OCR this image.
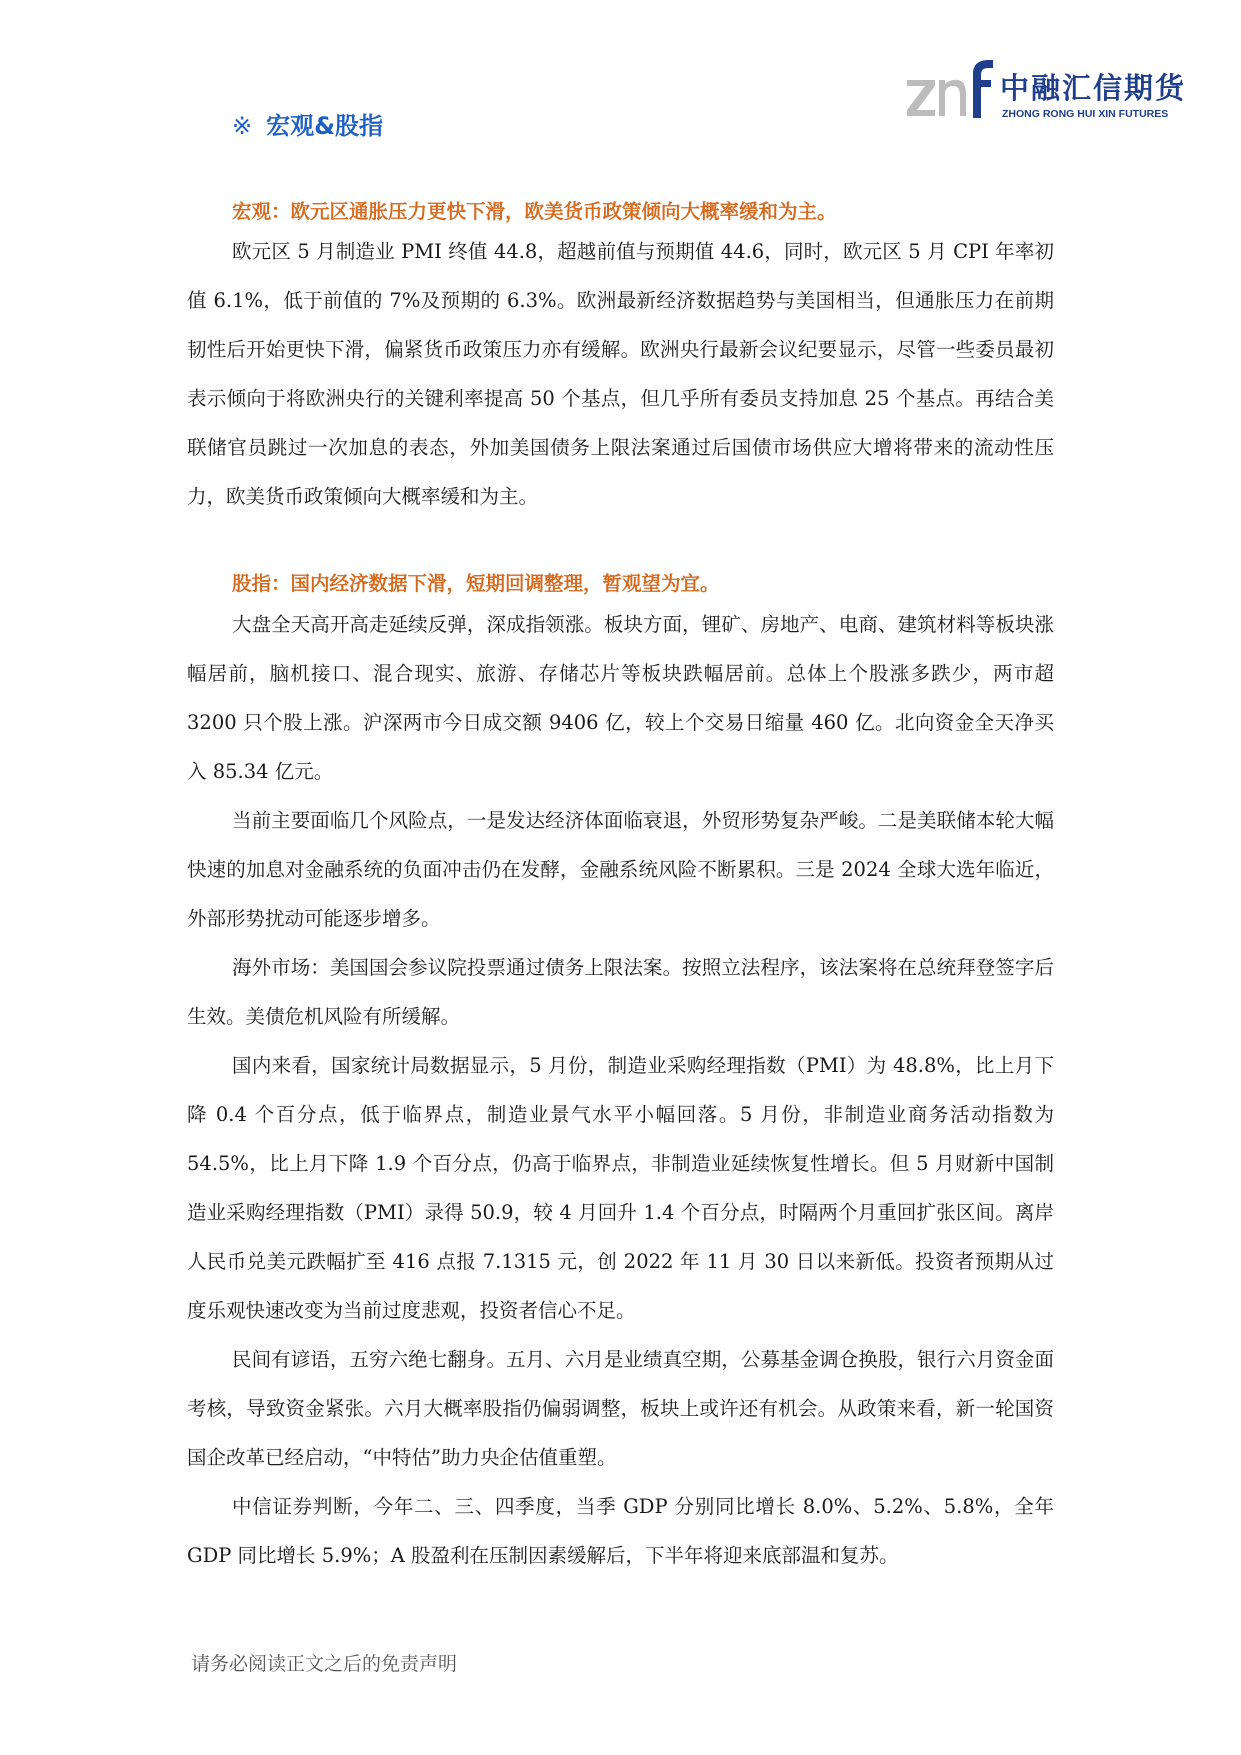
中融汇信期货
ZHONG RONG HUI XIN FUTURES
※ 宏观&股指
宏观：欧元区通胀压力更快下滑，欧美货币政策倾向大概率缓和为主。

欧元区 5 月制造业 PMI 终值 44.8，超越前值与预期值 44.6，同时，欧元区 5 月 CPI 年率初值 6.1%，低于前值的 7%及预期的 6.3%。欧洲最新经济数据趋势与美国相当，但通胀压力在前期韧性后开始更快下滑，偏紧货币政策压力亦有缓解。欧洲央行最新会议纪要显示，尽管一些委员最初表示倾向于将欧洲央行的关键利率提高 50 个基点，但几乎所有委员支持加息 25 个基点。再结合美联储官员跳过一次加息的表态，外加美国债务上限法案通过后国债市场供应大增将带来的流动性压力，欧美货币政策倾向大概率缓和为主。

股指：国内经济数据下滑，短期回调整理，暂观望为宜。

大盘全天高开高走延续反弹，深成指领涨。板块方面，锂矿、房地产、电商、建筑材料等板块涨幅居前，脑机接口、混合现实、旅游、存储芯片等板块跌幅居前。总体上个股涨多跌少，两市超 3200 只个股上涨。沪深两市今日成交额 9406 亿，较上个交易日缩量 460 亿。北向资金全天净买入 85.34 亿元。

当前主要面临几个风险点，一是发达经济体面临衰退，外贸形势复杂严峻。二是美联储本轮大幅快速的加息对金融系统的负面冲击仍在发酵，金融系统风险不断累积。三是 2024 全球大选年临近，外部形势扰动可能逐步增多。

海外市场：美国国会参议院投票通过债务上限法案。按照立法程序，该法案将在总统拜登签字后生效。美债危机风险有所缓解。

国内来看，国家统计局数据显示，5 月份，制造业采购经理指数（PMI）为 48.8%，比上月下降 0.4 个百分点，低于临界点，制造业景气水平小幅回落。5 月份，非制造业商务活动指数为 54.5%，比上月下降 1.9 个百分点，仍高于临界点，非制造业延续恢复性增长。但 5 月财新中国制造业采购经理指数（PMI）录得 50.9，较 4 月回升 1.4 个百分点，时隔两个月重回扩张区间。离岸人民币兑美元跌幅扩至 416 点报 7.1315 元，创 2022 年 11 月 30 日以来新低。投资者预期从过度乐观快速改变为当前过度悲观，投资者信心不足。

民间有谚语，五穷六绝七翻身。五月、六月是业绩真空期，公募基金调仓换股，银行六月资金面考核，导致资金紧张。六月大概率股指仍偏弱调整，板块上或许还有机会。从政策来看，新一轮国资国企改革已经启动，“中特估”助力央企估值重塑。

中信证券判断，今年二、三、四季度，当季 GDP 分别同比增长 8.0%、5.2%、5.8%，全年 GDP 同比增长 5.9%；A 股盈利在压制因素缓解后，下半年将迎来底部温和复苏。

请务必阅读正文之后的免责声明
